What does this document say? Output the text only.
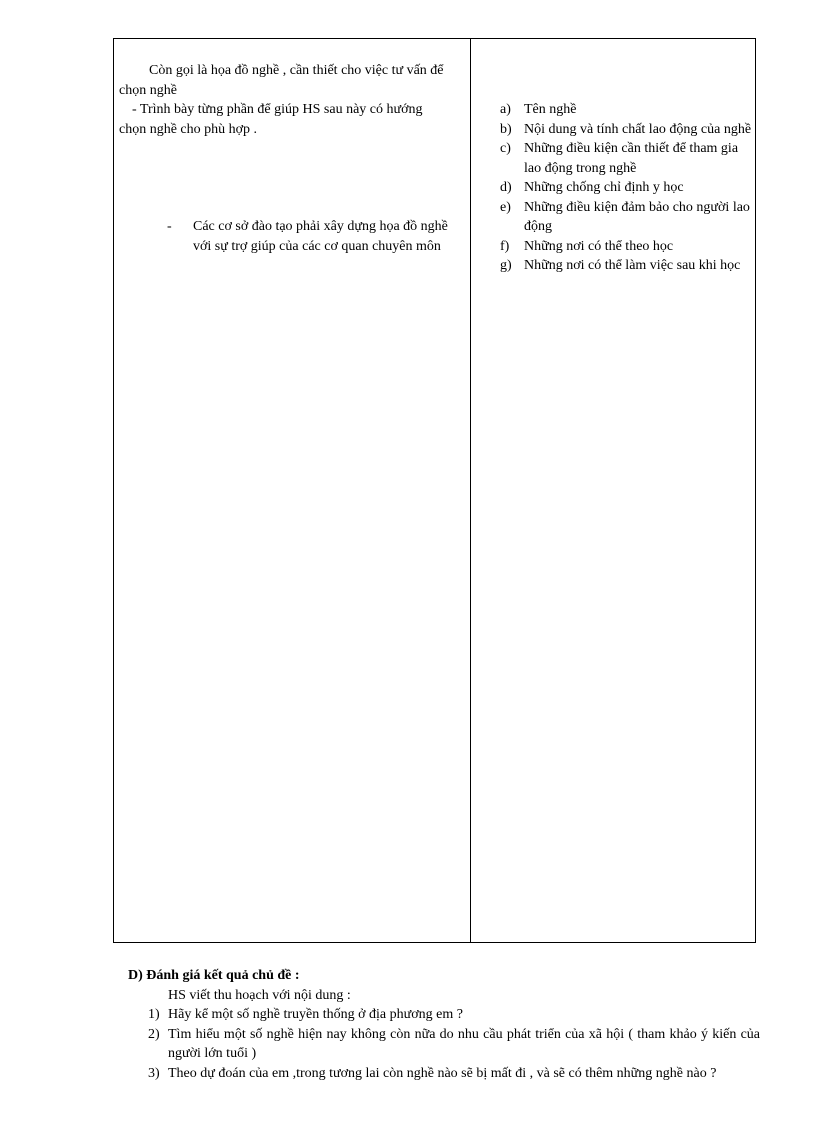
Còn gọi là họa đồ nghề , cần thiết cho việc tư vấn để chọn nghề

- Trình bày từng phần để giúp HS sau này có hướng chọn nghề cho phù hợp .

-	Các cơ sở đào tạo phải xây dựng họa đồ nghề với sự trợ giúp của các cơ quan chuyên môn
a) Tên nghề
b) Nội dung và tính chất lao động của nghề
c) Những điều kiện cần thiết để tham gia lao động trong nghề
d) Những chống chỉ định y học
e) Những điều kiện đảm bảo cho người lao động
f)	Những nơi có thể theo học
g) Những nơi có thể làm việc sau khi học

D) Đánh giá kết quả chủ đề :

HS viết thu hoạch với nội dung :

1) Hãy kể một số nghề truyền thống ở địa phương em ?
2) Tìm hiểu một số nghề hiện nay không còn nữa do nhu cầu phát triển của xã hội ( tham khảo ý kiến của người lớn tuổi )
3) Theo dự đoán của em ,trong tương lai còn nghề nào sẽ bị mất đi , và sẽ có thêm những nghề nào ?
